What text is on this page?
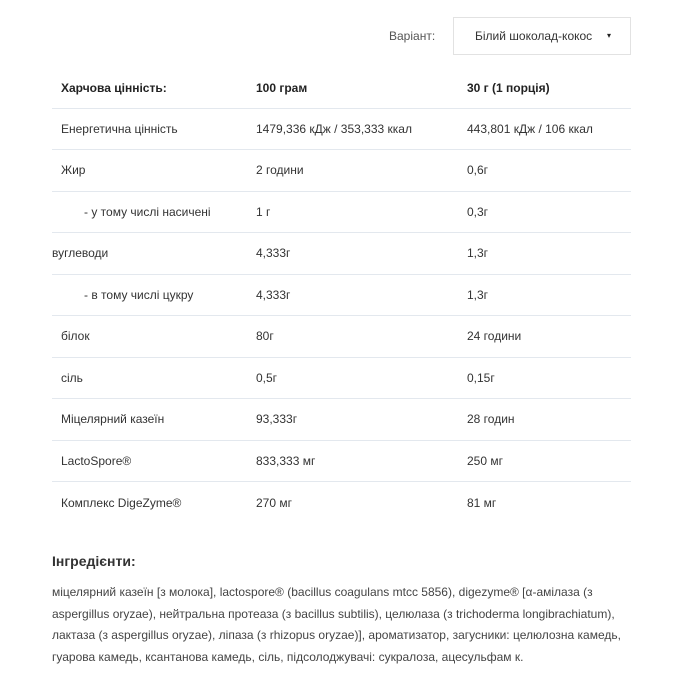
Варіант:	Білий шоколад-кокос ▾
Харчова цінність:	100 грам	30 г (1 порція)
Енергетична цінність	1479,336 кДж / 353,333 ккал	443,801 кДж / 106 ккал
Жир	2 години	0,6г
- у тому числі насичені	1 г	0,3г
вуглеводи	4,333г	1,3г
- в тому числі цукру	4,333г	1,3г
білок	80г	24 години
сіль	0,5г	0,15г
Міцелярний казеїн	93,333г	28 годин
LactoSpore®	833,333 мг	250 мг
Комплекс DigeZyme®	270 мг	81 мг
Інгредієнти:
міцелярний казеїн [з молока], lactospore® (bacillus coagulans mtcc 5856), digezyme® [α-амілаза (з aspergillus oryzae), нейтральна протеаза (з bacillus subtilis), целюлаза (з trichoderma longibrachiatum), лактаза (з aspergillus oryzae), ліпаза (з rhizopus oryzae)], ароматизатор, загусники: целюлозна камедь, гуарова камедь, ксантанова камедь, сіль, підсолоджувачі: сукралоза, ацесульфам к.
